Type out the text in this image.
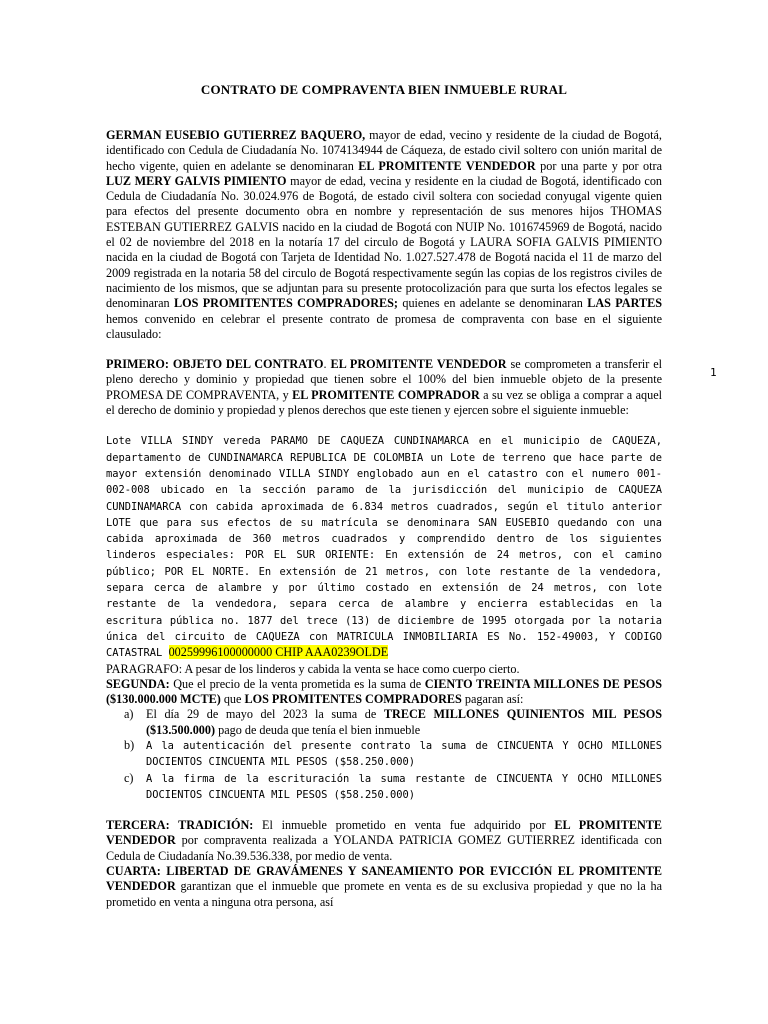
1
CONTRATO DE COMPRAVENTA BIEN INMUEBLE RURAL

GERMAN EUSEBIO GUTIERREZ BAQUERO, mayor de edad, vecino y residente de la ciudad de Bogotá, identificado con Cedula de Ciudadanía No. 1074134944 de Cáqueza, de estado civil soltero con unión marital de hecho vigente, quien en adelante se denominaran EL PROMITENTE VENDEDOR por una parte y por otra LUZ MERY GALVIS PIMIENTO mayor de edad, vecina y residente en la ciudad de Bogotá, identificado con Cedula de Ciudadanía No. 30.024.976 de Bogotá, de estado civil soltera con sociedad conyugal vigente quien para efectos del presente documento obra en nombre y representación de sus menores hijos THOMAS ESTEBAN GUTIERREZ GALVIS nacido en la ciudad de Bogotá con NUIP No. 1016745969 de Bogotá, nacido el 02 de noviembre del 2018 en la notaría 17 del circulo de Bogotá y LAURA SOFIA GALVIS PIMIENTO nacida en la ciudad de Bogotá con Tarjeta de Identidad No. 1.027.527.478 de Bogotá nacida el 11 de marzo del 2009 registrada en la notaria 58 del circulo de Bogotá respectivamente según las copias de los registros civiles de nacimiento de los mismos, que se adjuntan para su presente protocolización para que surta los efectos legales se denominaran LOS PROMITENTES COMPRADORES; quienes en adelante se denominaran LAS PARTES hemos convenido en celebrar el presente contrato de promesa de compraventa con base en el siguiente clausulado:

PRIMERO: OBJETO DEL CONTRATO. EL PROMITENTE VENDEDOR se comprometen a transferir el pleno derecho y dominio y propiedad que tienen sobre el 100% del bien inmueble objeto de la presente PROMESA DE COMPRAVENTA, y EL PROMITENTE COMPRADOR a su vez se obliga a comprar a aquel el derecho de dominio y propiedad y plenos derechos que este tienen y ejercen sobre el siguiente inmueble:

Lote VILLA SINDY vereda PARAMO DE CAQUEZA CUNDINAMARCA en el municipio de CAQUEZA, departamento de CUNDINAMARCA REPUBLICA DE COLOMBIA un Lote de terreno que hace parte de mayor extensión denominado VILLA SINDY englobado aun en el catastro con el numero 001-002-008 ubicado en la sección paramo de la jurisdicción del municipio de CAQUEZA CUNDINAMARCA con cabida aproximada de 6.834 metros cuadrados, según el titulo anterior LOTE que para sus efectos de su matrícula se denominara SAN EUSEBIO quedando con una cabida aproximada de 360 metros cuadrados y comprendido dentro de los siguientes linderos especiales: POR EL SUR ORIENTE: En extensión de 24 metros, con el camino público; POR EL NORTE. En extensión de 21 metros, con lote restante de la vendedora, separa cerca de alambre y por último costado en extensión de 24 metros, con lote restante de la vendedora, separa cerca de alambre y encierra establecidas en la escritura pública no. 1877 del trece (13) de diciembre de 1995 otorgada por la notaria única del circuito de CAQUEZA con MATRICULA INMOBILIARIA ES No. 152-49003, Y CODIGO CATASTRAL 00259996100000000 CHIP AAA0239OLDE

PARAGRAFO: A pesar de los linderos y cabida la venta se hace como cuerpo cierto.

SEGUNDA: Que el precio de la venta prometida es la suma de CIENTO TREINTA MILLONES DE PESOS ($130.000.000 MCTE) que LOS PROMITENTES COMPRADORES pagaran así:

a) El día 29 de mayo del 2023 la suma de TRECE MILLONES QUINIENTOS MIL PESOS ($13.500.000) pago de deuda que tenía el bien inmueble
b) A la autenticación del presente contrato la suma de CINCUENTA Y OCHO MILLONES DOCIENTOS CINCUENTA MIL PESOS ($58.250.000)
c) A la firma de la escrituración la suma restante de CINCUENTA Y OCHO MILLONES DOCIENTOS CINCUENTA MIL PESOS ($58.250.000)

TERCERA: TRADICIÓN: El inmueble prometido en venta fue adquirido por EL PROMITENTE VENDEDOR por compraventa realizada a YOLANDA PATRICIA GOMEZ GUTIERREZ identificada con Cedula de Ciudadanía No.39.536.338, por medio de venta.

CUARTA: LIBERTAD DE GRAVÁMENES Y SANEAMIENTO POR EVICCIÓN EL PROMITENTE VENDEDOR garantizan que el inmueble que promete en venta es de su exclusiva propiedad y que no la ha prometido en venta a ninguna otra persona, así
